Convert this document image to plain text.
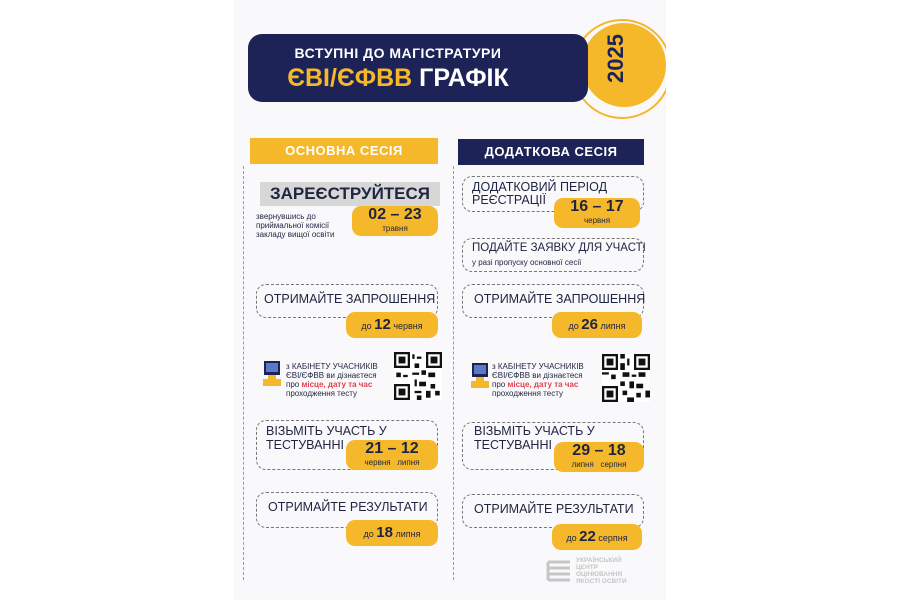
ВСТУПНІ ДО МАГІСТРАТУРИ
ЄВІ/ЄФВВ ГРАФІК	2025
ОСНОВНА СЕСІЯ	ДОДАТКОВА СЕСІЯ
ЗАРЕЄСТРУЙТЕСЯ
звернувшись до приймальної комісії закладу вищої освіти
02 – 23
травня
ОТРИМАЙТЕ ЗАПРОШЕННЯ
до 12 червня
з КАБІНЕТУ УЧАСНИКІВ
ЄВІ/ЄФВВ ви дізнаєтеся
про місце, дату та час
проходження тесту
ВІЗЬМІТЬ УЧАСТЬ У
ТЕСТУВАННІ	21 – 12
червня липня
ОТРИМАЙТЕ РЕЗУЛЬТАТИ
до 18 липня
ДОДАТКОВИЙ ПЕРІОД
РЕЄСТРАЦІЇ	16 – 17
червня
ПОДАЙТЕ ЗАЯВКУ ДЛЯ УЧАСТІ
у разі пропуску основної сесії
ОТРИМАЙТЕ ЗАПРОШЕННЯ
до 26 липня
з КАБІНЕТУ УЧАСНИКІВ
ЄВІ/ЄФВВ ви дізнаєтеся
про місце, дату та час
проходження тесту
ВІЗЬМІТЬ УЧАСТЬ У
ТЕСТУВАННІ	29 – 18
липня серпня
ОТРИМАЙТЕ РЕЗУЛЬТАТИ
до 22 серпня
УКРАЇНСЬКИЙ
ЦЕНТР
ОЦІНЮВАННЯ
ЯКОСТІ ОСВІТИ
